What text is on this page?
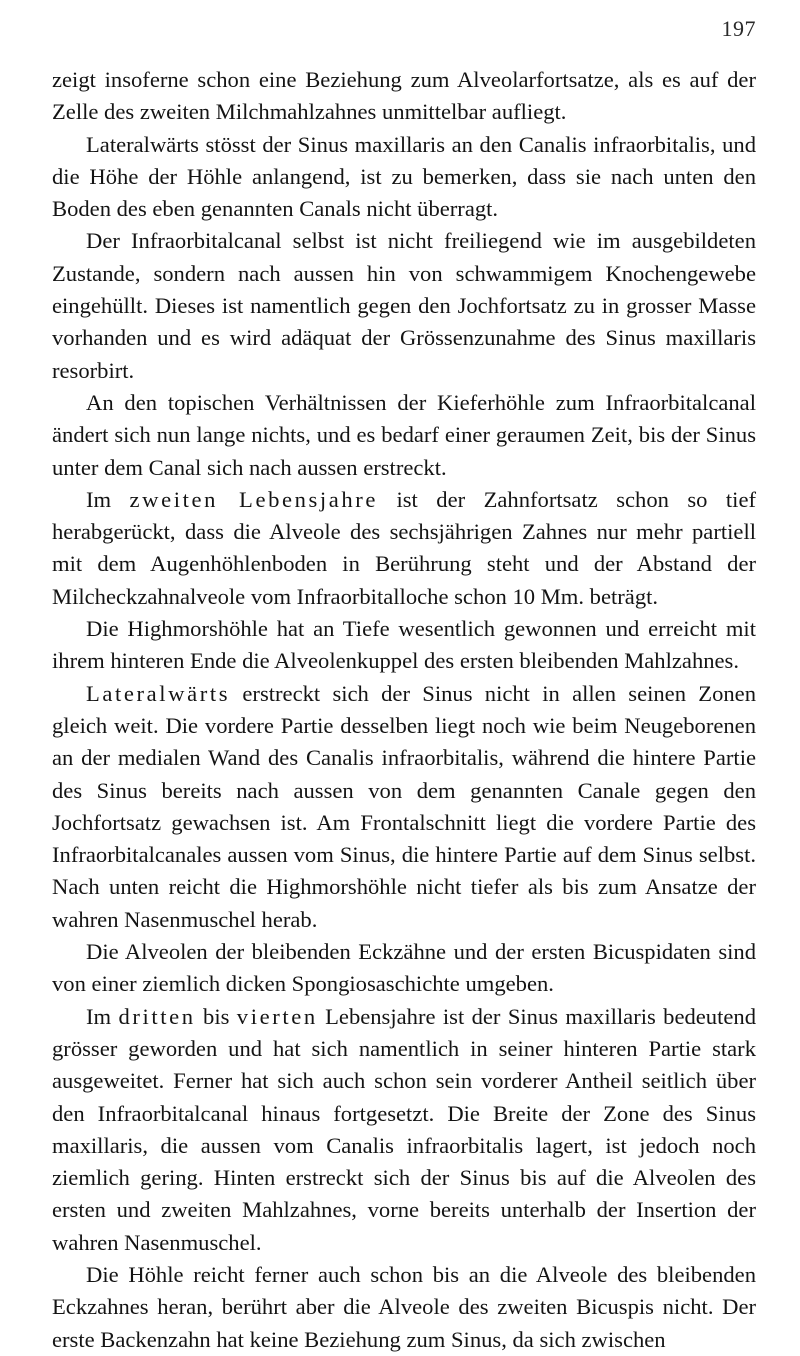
197

zeigt insoferne schon eine Beziehung zum Alveolarfortsatze, als es auf der Zelle des zweiten Milchmahlzahnes unmittelbar aufliegt.

Lateralwärts stösst der Sinus maxillaris an den Canalis infraorbitalis, und die Höhe der Höhle anlangend, ist zu bemerken, dass sie nach unten den Boden des eben genannten Canals nicht überragt.

Der Infraorbitalcanal selbst ist nicht freiliegend wie im ausgebildeten Zustande, sondern nach aussen hin von schwammigem Knochengewebe eingehüllt. Dieses ist namentlich gegen den Jochfortsatz zu in grosser Masse vorhanden und es wird adäquat der Grössenzunahme des Sinus maxillaris resorbirt.

An den topischen Verhältnissen der Kieferhöhle zum Infraorbitalcanal ändert sich nun lange nichts, und es bedarf einer geraumen Zeit, bis der Sinus unter dem Canal sich nach aussen erstreckt.

Im zweiten Lebensjahre ist der Zahnfortsatz schon so tief herabgerückt, dass die Alveole des sechsjährigen Zahnes nur mehr partiell mit dem Augenhöhlenboden in Berührung steht und der Abstand der Milcheckzahnalveole vom Infraorbitalloche schon 10 Mm. beträgt.

Die Highmorshöhle hat an Tiefe wesentlich gewonnen und erreicht mit ihrem hinteren Ende die Alveolenkuppel des ersten bleibenden Mahlzahnes.

Lateralwärts erstreckt sich der Sinus nicht in allen seinen Zonen gleich weit. Die vordere Partie desselben liegt noch wie beim Neugeborenen an der medialen Wand des Canalis infraorbitalis, während die hintere Partie des Sinus bereits nach aussen von dem genannten Canale gegen den Jochfortsatz gewachsen ist. Am Frontalschnitt liegt die vordere Partie des Infraorbitalcanales aussen vom Sinus, die hintere Partie auf dem Sinus selbst. Nach unten reicht die Highmorshöhle nicht tiefer als bis zum Ansatze der wahren Nasenmuschel herab.

Die Alveolen der bleibenden Eckzähne und der ersten Bicuspidaten sind von einer ziemlich dicken Spongiosaschichte umgeben.

Im dritten bis vierten Lebensjahre ist der Sinus maxillaris bedeutend grösser geworden und hat sich namentlich in seiner hinteren Partie stark ausgeweitet. Ferner hat sich auch schon sein vorderer Antheil seitlich über den Infraorbitalcanal hinaus fortgesetzt. Die Breite der Zone des Sinus maxillaris, die aussen vom Canalis infraorbitalis lagert, ist jedoch noch ziemlich gering. Hinten erstreckt sich der Sinus bis auf die Alveolen des ersten und zweiten Mahlzahnes, vorne bereits unterhalb der Insertion der wahren Nasenmuschel.

Die Höhle reicht ferner auch schon bis an die Alveole des bleibenden Eckzahnes heran, berührt aber die Alveole des zweiten Bicuspis nicht. Der erste Backenzahn hat keine Beziehung zum Sinus, da sich zwischen
